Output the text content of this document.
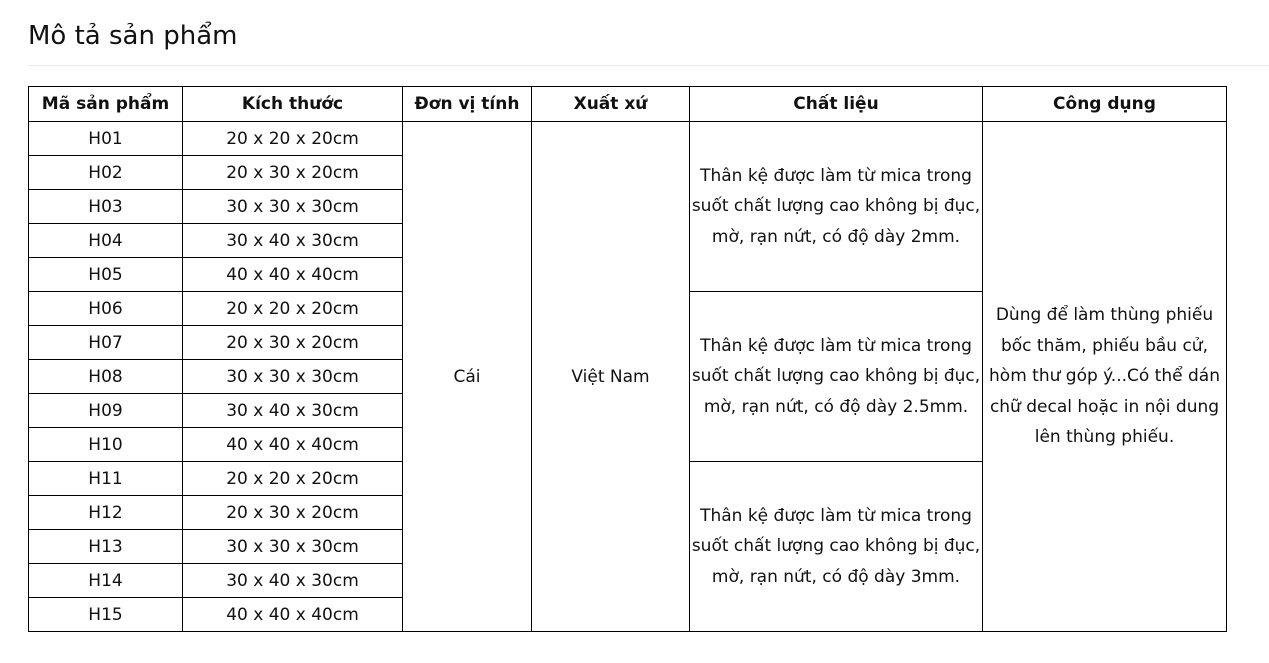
Mô tả sản phẩm
Mã sản phẩm	Kích thước	Đơn vị tính	Xuất xứ	Chất liệu	Công dụng
H01	20 x 20 x 20cm	Cái	Việt Nam	Thân kệ được làm từ mica trong suốt chất lượng cao không bị đục, mờ, rạn nứt, có độ dày 2mm.	Dùng để làm thùng phiếu bốc thăm, phiếu bầu cử, hòm thư góp ý...Có thể dán chữ decal hoặc in nội dung lên thùng phiếu.
H02	20 x 30 x 20cm				
H03	30 x 30 x 30cm				
H04	30 x 40 x 30cm				
H05	40 x 40 x 40cm				
H06	20 x 20 x 20cm			Thân kệ được làm từ mica trong suốt chất lượng cao không bị đục, mờ, rạn nứt, có độ dày 2.5mm.	
H07	20 x 30 x 20cm				
H08	30 x 30 x 30cm				
H09	30 x 40 x 30cm				
H10	40 x 40 x 40cm				
H11	20 x 20 x 20cm			Thân kệ được làm từ mica trong suốt chất lượng cao không bị đục, mờ, rạn nứt, có độ dày 3mm.	
H12	20 x 30 x 20cm				
H13	30 x 30 x 30cm				
H14	30 x 40 x 30cm				
H15	40 x 40 x 40cm				
